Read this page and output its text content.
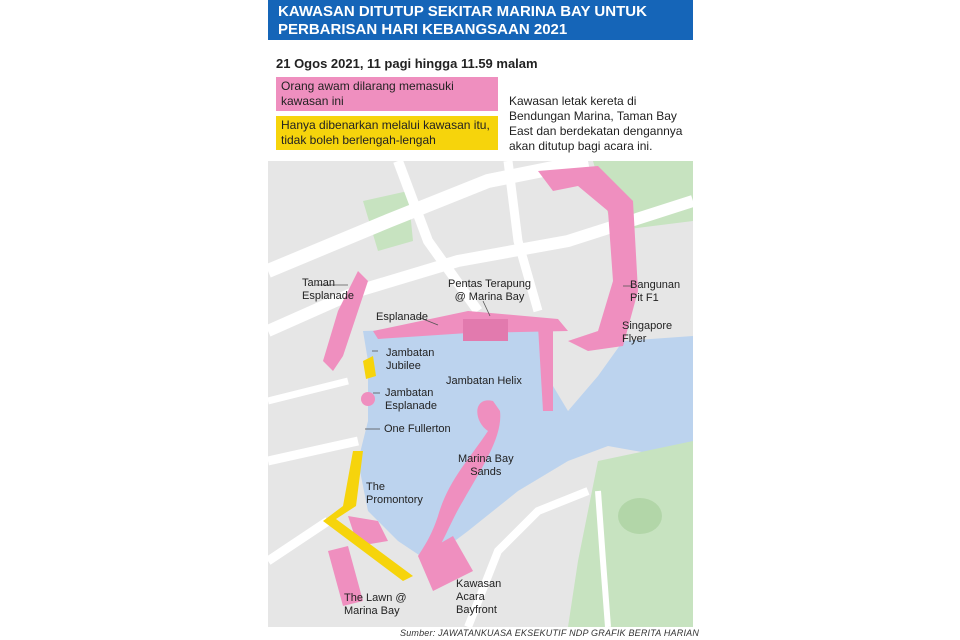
KAWASAN DITUTUP SEKITAR MARINA BAY UNTUK
PERBARISAN HARI KEBANGSAAN 2021
21 Ogos 2021, 11 pagi hingga 11.59 malam
Orang awam dilarang memasuki kawasan ini
Hanya dibenarkan melalui kawasan itu, tidak boleh berlengah-lengah
Kawasan letak kereta di Bendungan Marina, Taman Bay East dan berdekatan dengannya akan ditutup bagi acara ini.
Taman
Esplanade
Pentas Terapung
@ Marina Bay
Bangunan
Pit F1
Esplanade
Singapore
Flyer
Jambatan
Jubilee
Jambatan Helix
Jambatan
Esplanade
One Fullerton
Marina Bay
Sands
The
Promontory
The Lawn @
Marina Bay
Kawasan
Acara
Bayfront
Sumber: JAWATANKUASA EKSEKUTIF NDP GRAFIK BERITA HARIAN
